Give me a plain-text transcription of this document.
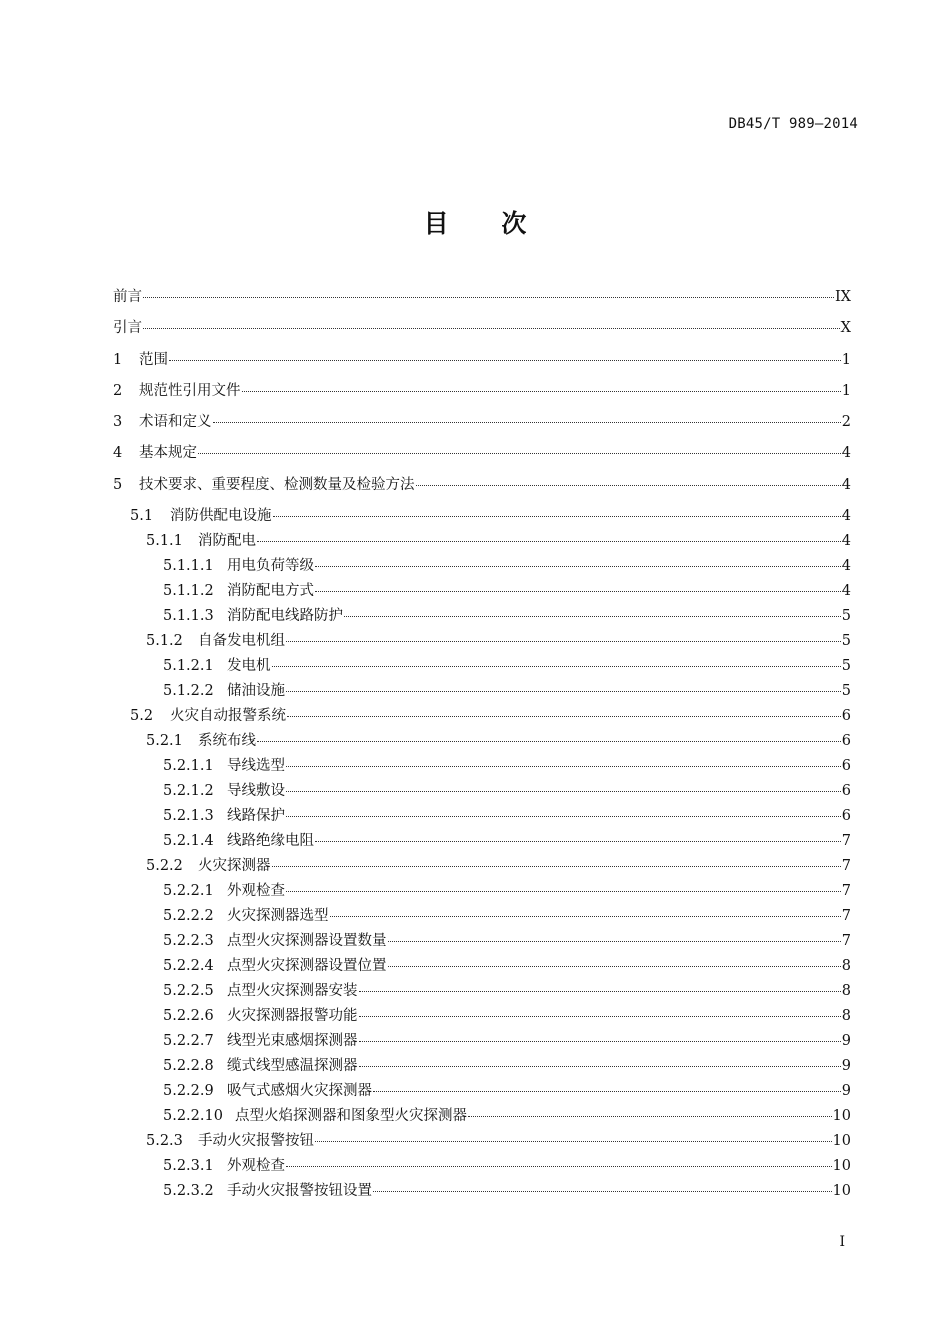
DB45/T 989—2014
目 次
前言	IX
引言	X
1	范围	1
2	规范性引用文件	1
3	术语和定义	2
4	基本规定	4
5	技术要求、重要程度、检测数量及检验方法	4
5.1	消防供配电设施	4
5.1.1	消防配电	4
5.1.1.1 用电负荷等级	4
5.1.1.2 消防配电方式	4
5.1.1.3 消防配电线路防护	5
5.1.2	自备发电机组	5
5.1.2.1 发电机	5
5.1.2.2 储油设施	5
5.2	火灾自动报警系统	6
5.2.1	系统布线	6
5.2.1.1 导线选型	6
5.2.1.2 导线敷设	6
5.2.1.3 线路保护	6
5.2.1.4 线路绝缘电阻	7
5.2.2	火灾探测器	7
5.2.2.1 外观检查	7
5.2.2.2 火灾探测器选型	7
5.2.2.3 点型火灾探测器设置数量	7
5.2.2.4 点型火灾探测器设置位置	8
5.2.2.5 点型火灾探测器安装	8
5.2.2.6 火灾探测器报警功能	8
5.2.2.7 线型光束感烟探测器	9
5.2.2.8 缆式线型感温探测器	9
5.2.2.9 吸气式感烟火灾探测器	9
5.2.2.10 点型火焰探测器和图象型火灾探测器	10
5.2.3	手动火灾报警按钮	10
5.2.3.1 外观检查	10
5.2.3.2 手动火灾报警按钮设置	10
I
